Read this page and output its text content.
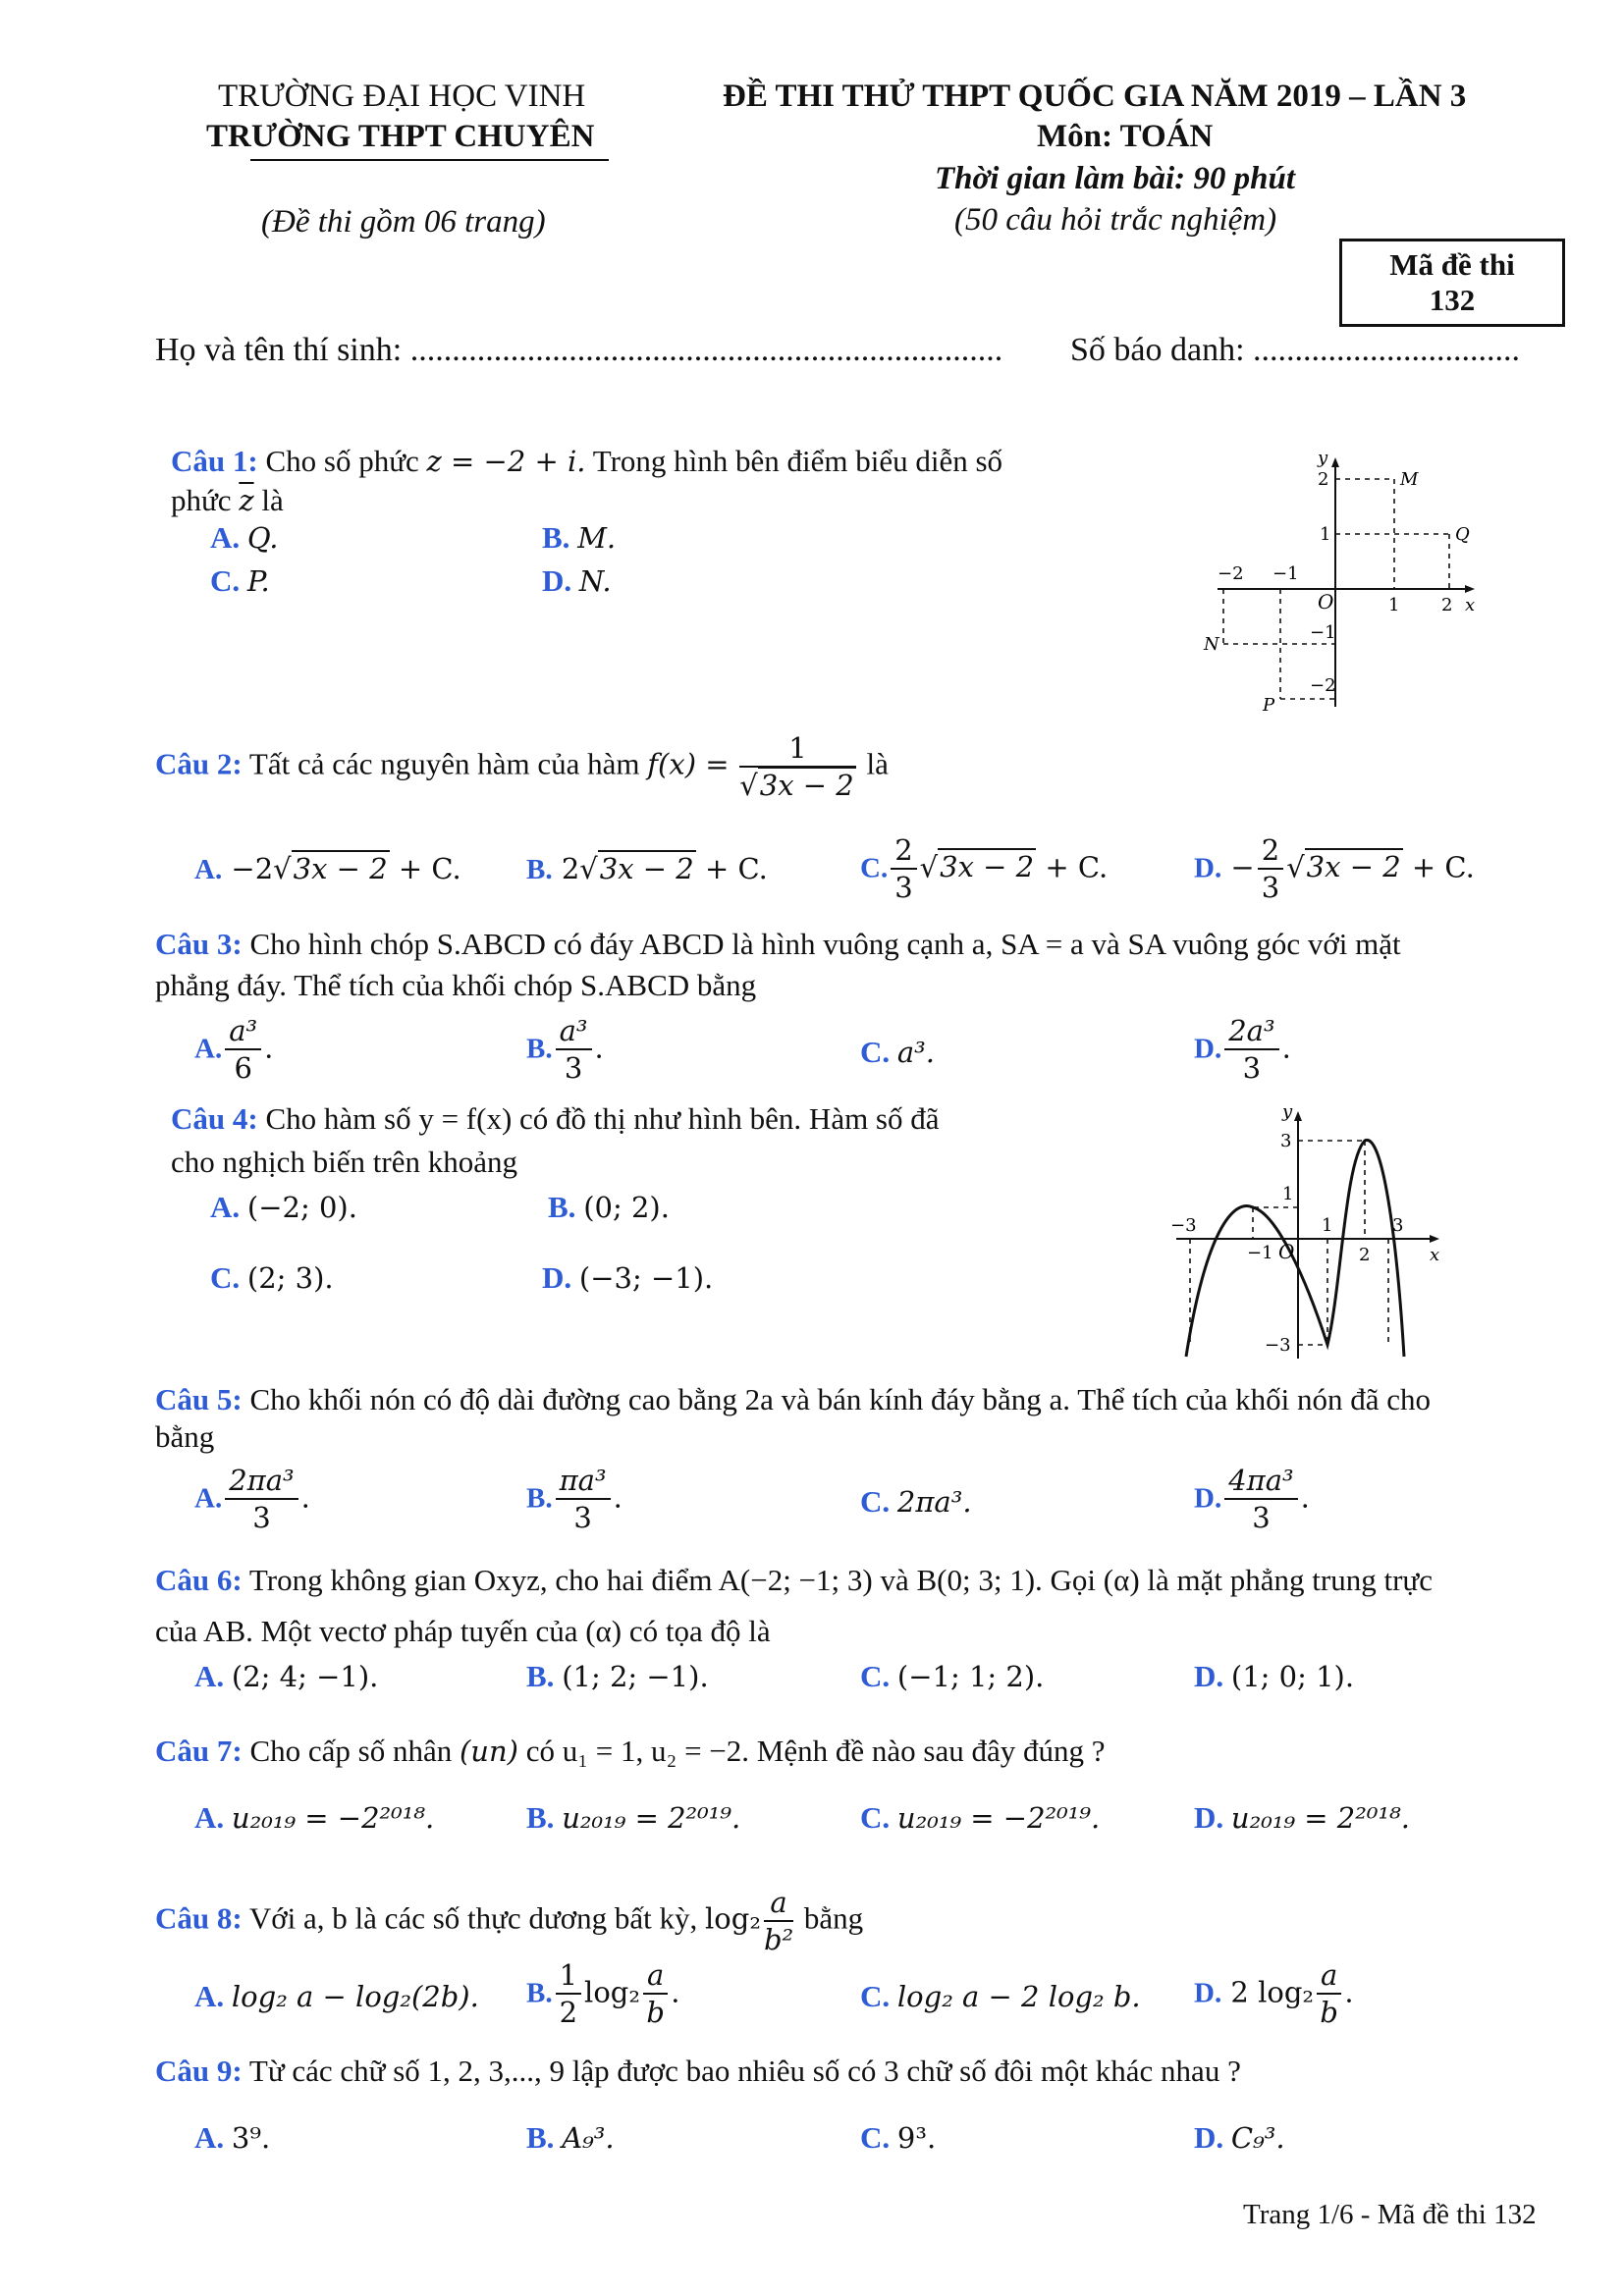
TRƯỜNG ĐẠI HỌC VINH
TRƯỜNG THPT CHUYÊN
(Đề thi gồm 06 trang)
ĐỀ THI THỬ THPT QUỐC GIA NĂM 2019 – LẦN 3
Môn: TOÁN
Thời gian làm bài: 90 phút
(50 câu hỏi trắc nghiệm)
Mã đề thi
132
Họ và tên thí sinh: ....................................................................... Số báo danh: ................................
Câu 1: Cho số phức z = −2 + i. Trong hình bên điểm biểu diễn số
phức $\overline{z}$ là
A. Q.	B. M.
C. P.	D. N.
y
x
O
2
1
1 2
−2 −1
−1
−2
M
Q
N
P
Câu 2: Tất cả các nguyên hàm của hàm $f(x) = \frac{1}{√3x - 2}$ là
A. −2√3x − 2 + C. B. 2√3x − 2 + C.	C. $\frac{2}{3} √3x - 2 + C$.	D. − $\frac{2}{3} √3x - 2 + C$.
Câu 3: Cho hình chóp S.ABCD có đáy ABCD là hình vuông cạnh a, SA = a và SA vuông góc với mặt
phẳng đáy. Thể tích của khối chóp S.ABCD bằng
A. $\frac{\text{a³}}{6}$ .	B. $\frac{\text{a³}}{3}$ .	C. a³.	D. $\frac{\text{2a³}}{3}$ .
Câu 4: Cho hàm số y = f(x) có đồ thị như hình bên. Hàm số đã
cho nghịch biến trên khoảng
A. (−2; 0).	B. (0; 2).
C. (2; 3).	D. (−3; −1).
y
x
O
3
1
−3
−3
−1
1
2
3
Câu 5: Cho khối nón có độ dài đường cao bằng 2a và bán kính đáy bằng a. Thể tích của khối nón đã cho
bằng
A. $\frac{\text{2πa³}}{3}$ .	B. $\frac{\text{πa³}}{3}$ .	C. 2πa³.	D. $\frac{\text{4πa³}}{3}$ .
Câu 6: Trong không gian Oxyz, cho hai điểm A(−2; −1; 3) và B(0; 3; 1). Gọi (α) là mặt phẳng trung trực
của AB. Một vectơ pháp tuyến của (α) có tọa độ là
A. (2; 4; −1).	B. (1; 2; −1).	C. (−1; 1; 2).	D. (1; 0; 1).
Câu 7: Cho cấp số nhân (un) có u₁ = 1, u₂ = −2. Mệnh đề nào sau đây đúng ?
A. u₂₀₁₉ = −2²⁰¹⁸.	B. u₂₀₁₉ = 2²⁰¹⁹.	C. u₂₀₁₉ = −2²⁰¹⁹.	D. u₂₀₁₉ = 2²⁰¹⁸.
Câu 8: Với a, b là các số thực dương bất kỳ, $\log_2 \frac{a}{\text{b²}}$ bằng
A. log₂ a − log₂(2b). B. $\frac{1}{2} \log_2 \frac{a}{b}$ .	C. log₂ a − 2 log₂ b. D. 2 $\log_2 \frac{a}{b}$ .
Câu 9: Từ các chữ số 1, 2, 3,..., 9 lập được bao nhiêu số có 3 chữ số đôi một khác nhau ?
A. 3⁹.	B. A₉³.	C. 9³.	D. C₉³.
Trang 1/6 - Mã đề thi 132
